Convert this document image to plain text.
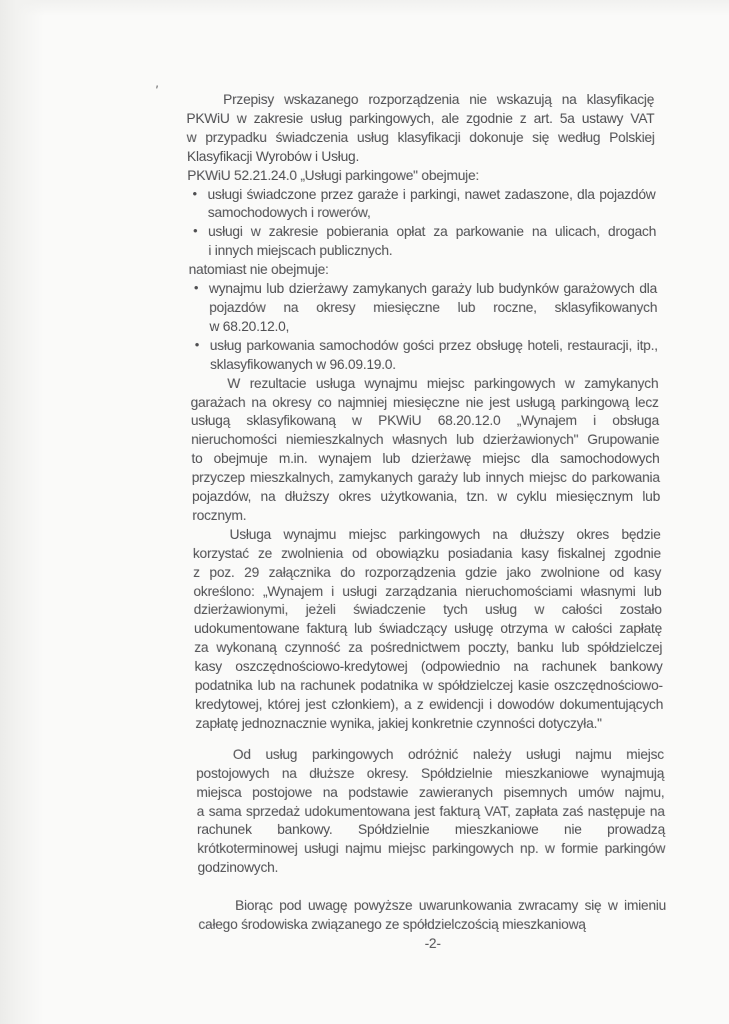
'
Przepisy wskazanego rozporządzenia nie wskazują na klasyfikację
PKWiU w zakresie usług parkingowych, ale zgodnie z art. 5a ustawy VAT
w przypadku świadczenia usług klasyfikacji dokonuje się według Polskiej
Klasyfikacji Wyrobów i Usług.
PKWiU 52.21.24.0 „Usługi parkingowe" obejmuje:
• usługi świadczone przez garaże i parkingi, nawet zadaszone, dla pojazdów
samochodowych i rowerów,
• usługi w zakresie pobierania opłat za parkowanie na ulicach, drogach
i innych miejscach publicznych.
natomiast nie obejmuje:
• wynajmu lub dzierżawy zamykanych garaży lub budynków garażowych dla
pojazdów na okresy miesięczne lub roczne, sklasyfikowanych
w 68.20.12.0,
• usług parkowania samochodów gości przez obsługę hoteli, restauracji, itp.,
sklasyfikowanych w 96.09.19.0.
W rezultacie usługa wynajmu miejsc parkingowych w zamykanych
garażach na okresy co najmniej miesięczne nie jest usługą parkingową lecz
usługą sklasyfikowaną w PKWiU 68.20.12.0 „Wynajem i obsługa
nieruchomości niemieszkalnych własnych lub dzierżawionych" Grupowanie
to obejmuje m.in. wynajem lub dzierżawę miejsc dla samochodowych
przyczep mieszkalnych, zamykanych garaży lub innych miejsc do parkowania
pojazdów, na dłuższy okres użytkowania, tzn. w cyklu miesięcznym lub
rocznym.
Usługa wynajmu miejsc parkingowych na dłuższy okres będzie
korzystać ze zwolnienia od obowiązku posiadania kasy fiskalnej zgodnie
z poz. 29 załącznika do rozporządzenia gdzie jako zwolnione od kasy
określono: „Wynajem i usługi zarządzania nieruchomościami własnymi lub
dzierżawionymi, jeżeli świadczenie tych usług w całości zostało
udokumentowane fakturą lub świadczący usługę otrzyma w całości zapłatę
za wykonaną czynność za pośrednictwem poczty, banku lub spółdzielczej
kasy oszczędnościowo-kredytowej (odpowiednio na rachunek bankowy
podatnika lub na rachunek podatnika w spółdzielczej kasie oszczędnościowo-
kredytowej, której jest członkiem), a z ewidencji i dowodów dokumentujących
zapłatę jednoznacznie wynika, jakiej konkretnie czynności dotyczyła."
Od usług parkingowych odróżnić należy usługi najmu miejsc
postojowych na dłuższe okresy. Spółdzielnie mieszkaniowe wynajmują
miejsca postojowe na podstawie zawieranych pisemnych umów najmu,
a sama sprzedaż udokumentowana jest fakturą VAT, zapłata zaś następuje na
rachunek bankowy. Spółdzielnie mieszkaniowe nie prowadzą
krótkoterminowej usługi najmu miejsc parkingowych np. w formie parkingów
godzinowych.
Biorąc pod uwagę powyższe uwarunkowania zwracamy się w imieniu
całego środowiska związanego ze spółdzielczością mieszkaniową
-2-
